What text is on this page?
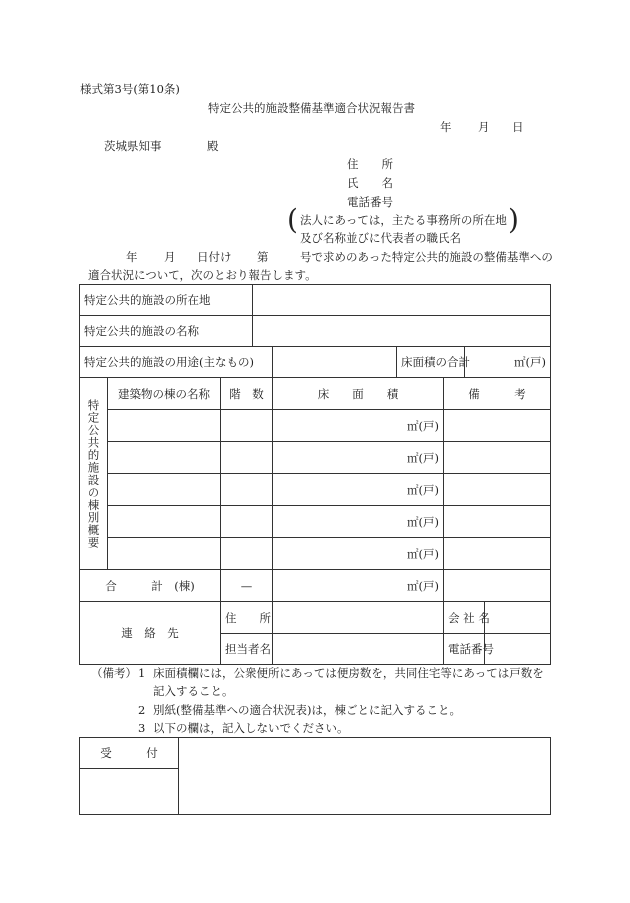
様式第3号(第10条)
特定公共的施設整備基準適合状況報告書
年 月 日
茨城県知事	殿
住　　所
氏　　名
電話番号
( 法人にあっては，主たる事務所の所在地
及び名称並びに代表者の職氏名
)
年 月 日付け 第	号で求めのあった特定公共的施設の整備基準への
適合状況について，次のとおり報告します。
特定公共的施設の所在地								
特定公共的施設の名称								
特定公共的施設の用途(主なもの)					床面積の合計		㎡(戸)	

特定公共的施設の棟別概要	建築物の棟の名称	階　数		床　　面　　積		備　　　考		
				㎡(戸)				
				㎡(戸)				
				㎡(戸)				
				㎡(戸)				
				㎡(戸)				
合　　　計　(棟)		—		㎡(戸)				
連　絡　先		住　　所				会 社 名		
		担当者名				電話番号		
（備考） 1 床面積欄には，公衆便所にあっては便房数を，共同住宅等にあっては戸数を
記入すること。
2 別紙(整備基準への適合状況表)は，棟ごとに記入すること。
3 以下の欄は，記入しないでください。
受　　　付	
